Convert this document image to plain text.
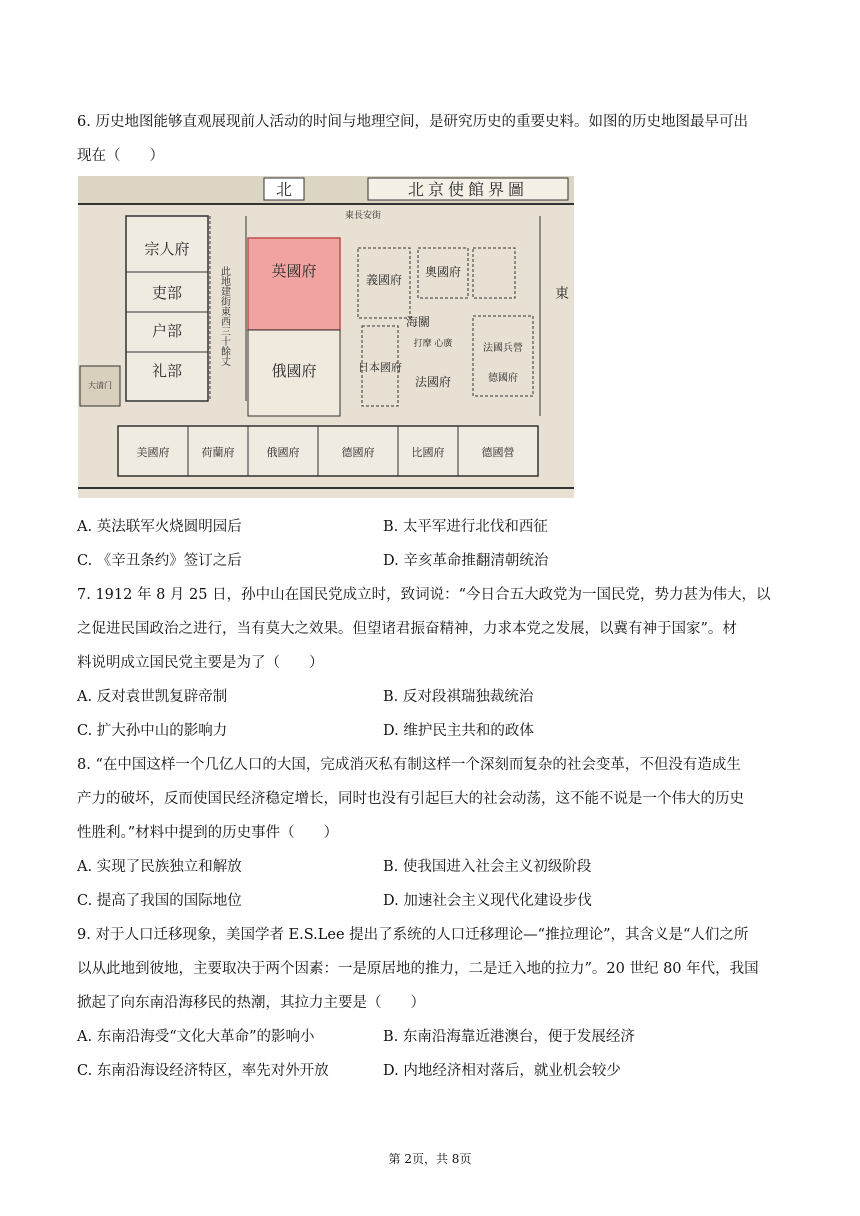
6. 历史地图能够直观展现前人活动的时间与地理空间，是研究历史的重要史料。如图的历史地图最早可出
现在（　　）
北	北京使館界圖
宗人府
吏部
户部
礼部
大清门
此地建街東西三十餘丈	英國府
俄國府
東長安街
義國府
奧國府
日本國府
海關
打摩 心廣
法國府
法國兵營
德國府
東
美國府	荷蘭府	俄國府	德國府	比國府	德國營
A. 英法联军火烧圆明园后	B. 太平军进行北伐和西征
C. 《辛丑条约》签订之后	D. 辛亥革命推翻清朝统治
7. 1912 年 8 月 25 日，孙中山在国民党成立时，致词说：“今日合五大政党为一国民党，势力甚为伟大，以
之促进民国政治之进行，当有莫大之效果。但望诸君振奋精神，力求本党之发展，以冀有神于国家”。材
料说明成立国民党主要是为了（　　）
A. 反对袁世凯复辟帝制	B. 反对段祺瑞独裁统治
C. 扩大孙中山的影响力	D. 维护民主共和的政体
8. “在中国这样一个几亿人口的大国，完成消灭私有制这样一个深刻而复杂的社会变革，不但没有造成生
产力的破坏，反而使国民经济稳定增长，同时也没有引起巨大的社会动荡，这不能不说是一个伟大的历史
性胜利。”材料中提到的历史事件（　　）
A. 实现了民族独立和解放	B. 使我国进入社会主义初级阶段
C. 提高了我国的国际地位	D. 加速社会主义现代化建设步伐
9. 对于人口迁移现象，美国学者 E.S.Lee 提出了系统的人口迁移理论—“推拉理论”，其含义是“人们之所
以从此地到彼地，主要取决于两个因素：一是原居地的推力，二是迁入地的拉力”。20 世纪 80 年代，我国
掀起了向东南沿海移民的热潮，其拉力主要是（　　）
A. 东南沿海受“文化大革命”的影响小	B. 东南沿海靠近港澳台，便于发展经济
C. 东南沿海设经济特区，率先对外开放	D. 内地经济相对落后，就业机会较少
第 2页，共 8页
